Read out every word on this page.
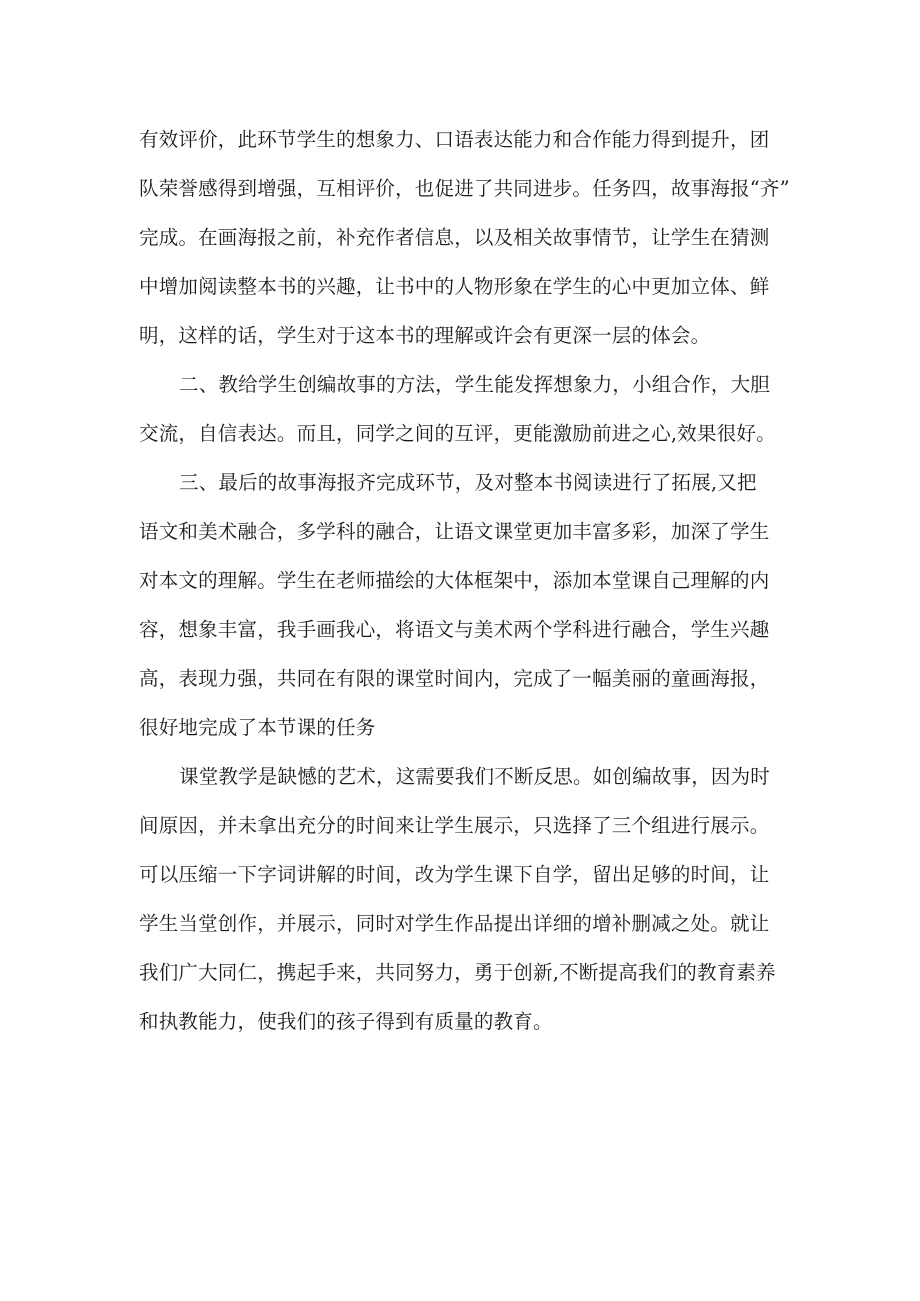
有效评价，此环节学生的想象力、口语表达能力和合作能力得到提升，团
队荣誉感得到增强，互相评价，也促进了共同进步。任务四，故事海报“齐”
完成。在画海报之前，补充作者信息，以及相关故事情节，让学生在猜测
中增加阅读整本书的兴趣，让书中的人物形象在学生的心中更加立体、鲜
明，这样的话，学生对于这本书的理解或许会有更深一层的体会。
二、教给学生创编故事的方法，学生能发挥想象力，小组合作，大胆
交流，自信表达。而且，同学之间的互评，更能激励前进之心,效果很好。
三、最后的故事海报齐完成环节，及对整本书阅读进行了拓展,又把
语文和美术融合，多学科的融合，让语文课堂更加丰富多彩，加深了学生
对本文的理解。学生在老师描绘的大体框架中，添加本堂课自己理解的内
容，想象丰富，我手画我心，将语文与美术两个学科进行融合，学生兴趣
高，表现力强，共同在有限的课堂时间内，完成了一幅美丽的童画海报，
很好地完成了本节课的任务
课堂教学是缺憾的艺术，这需要我们不断反思。如创编故事，因为时
间原因，并未拿出充分的时间来让学生展示，只选择了三个组进行展示。
可以压缩一下字词讲解的时间，改为学生课下自学，留出足够的时间，让
学生当堂创作，并展示，同时对学生作品提出详细的增补删减之处。就让
我们广大同仁，携起手来，共同努力，勇于创新,不断提高我们的教育素养
和执教能力，使我们的孩子得到有质量的教育。
